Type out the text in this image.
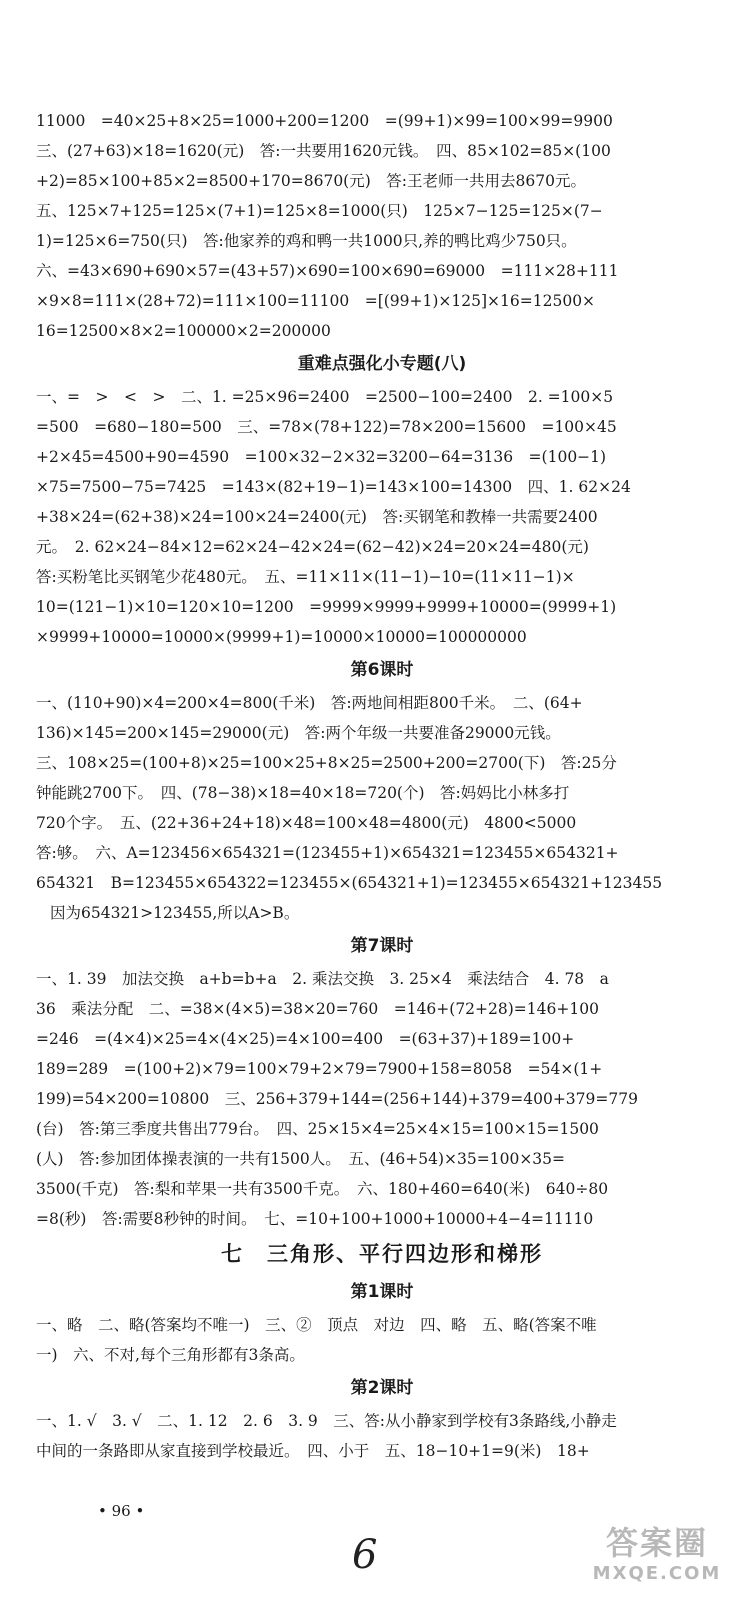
11000　=40×25+8×25=1000+200=1200　=(99+1)×99=100×99=9900
三、(27+63)×18=1620(元)　答:一共要用1620元钱。　四、85×102=85×(100
+2)=85×100+85×2=8500+170=8670(元)　答:王老师一共用去8670元。
五、125×7+125=125×(7+1)=125×8=1000(只)　125×7−125=125×(7−
1)=125×6=750(只)　答:他家养的鸡和鸭一共1000只,养的鸭比鸡少750只。
六、=43×690+690×57=(43+57)×690=100×690=69000　=111×28+111
×9×8=111×(28+72)=111×100=11100　=[(99+1)×125]×16=12500×
16=12500×8×2=100000×2=200000
重难点强化小专题(八)
一、=　>　<　>　二、1. =25×96=2400　=2500−100=2400　2. =100×5
=500　=680−180=500　三、=78×(78+122)=78×200=15600　=100×45
+2×45=4500+90=4590　=100×32−2×32=3200−64=3136　=(100−1)
×75=7500−75=7425　=143×(82+19−1)=143×100=14300　四、1. 62×24
+38×24=(62+38)×24=100×24=2400(元)　答:买钢笔和教棒一共需要2400
元。　2. 62×24−84×12=62×24−42×24=(62−42)×24=20×24=480(元)
答:买粉笔比买钢笔少花480元。　五、=11×11×(11−1)−10=(11×11−1)×
10=(121−1)×10=120×10=1200　=9999×9999+9999+10000=(9999+1)
×9999+10000=10000×(9999+1)=10000×10000=100000000
第6课时
一、(110+90)×4=200×4=800(千米)　答:两地间相距800千米。　二、(64+
136)×145=200×145=29000(元)　答:两个年级一共要准备29000元钱。
三、108×25=(100+8)×25=100×25+8×25=2500+200=2700(下)　答:25分
钟能跳2700下。　四、(78−38)×18=40×18=720(个)　答:妈妈比小林多打
720个字。　五、(22+36+24+18)×48=100×48=4800(元)　4800<5000
答:够。　六、A=123456×654321=(123455+1)×654321=123455×654321+
654321　B=123455×654322=123455×(654321+1)=123455×654321+123455
因为654321>123455,所以A>B。
第7课时
一、1. 39　加法交换　a+b=b+a　2. 乘法交换　3. 25×4　乘法结合　4. 78　a
36　乘法分配　二、=38×(4×5)=38×20=760　=146+(72+28)=146+100
=246　=(4×4)×25=4×(4×25)=4×100=400　=(63+37)+189=100+
189=289　=(100+2)×79=100×79+2×79=7900+158=8058　=54×(1+
199)=54×200=10800　三、256+379+144=(256+144)+379=400+379=779
(台)　答:第三季度共售出779台。　四、25×15×4=25×4×15=100×15=1500
(人)　答:参加团体操表演的一共有1500人。　五、(46+54)×35=100×35=
3500(千克)　答:梨和苹果一共有3500千克。　六、180+460=640(米)　640÷80
=8(秒)　答:需要8秒钟的时间。　七、=10+100+1000+10000+4−4=11110
七　三角形、平行四边形和梯形
第1课时
一、略　二、略(答案均不唯一)　三、②　顶点　对边　四、略　五、略(答案不唯
一)　六、不对,每个三角形都有3条高。
第2课时
一、1. √　3. √　二、1. 12　2. 6　3. 9　三、答:从小静家到学校有3条路线,小静走
中间的一条路即从家直接到学校最近。　四、小于　五、18−10+1=9(米)　18+
• 96 •
6	答案圈
MXQE.COM
